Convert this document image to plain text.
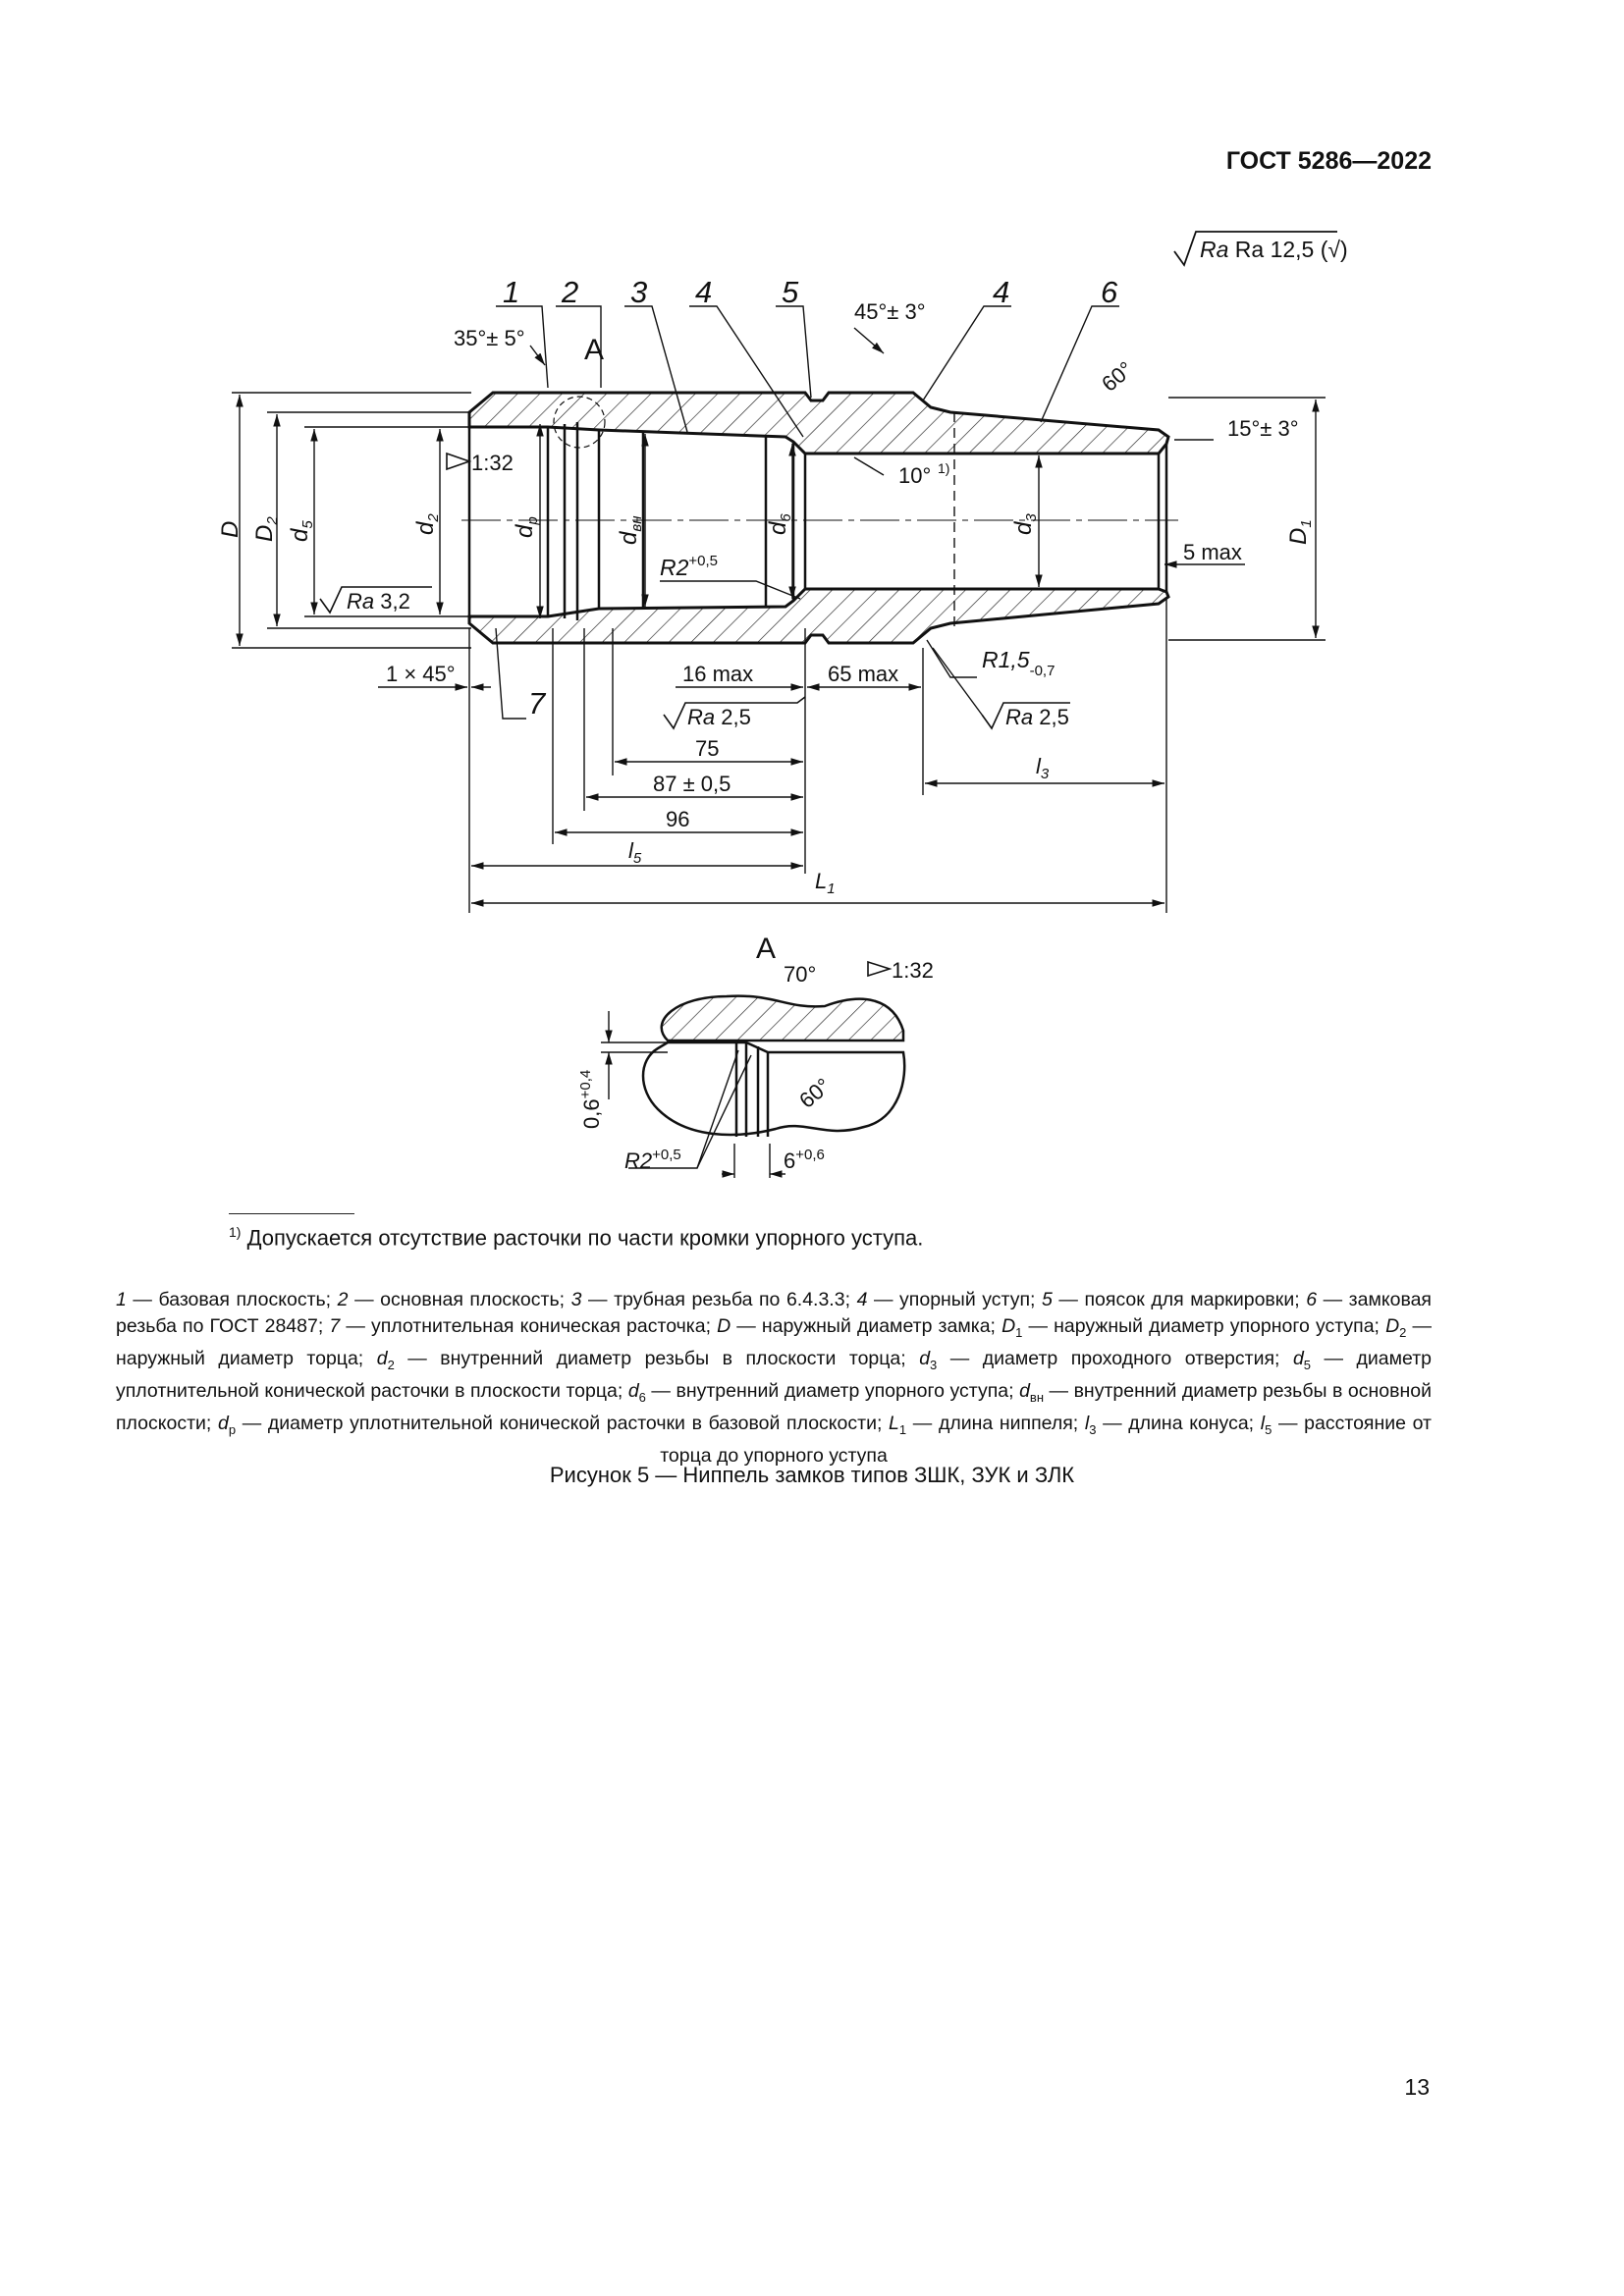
ГОСТ 5286—2022
Ra Ra 12,5 (√)
1 2 3 4 5	4	6
7
35°± 5°
45°± 3°
60°
15°± 3°
10° 1)
A
1:32
D $D_2$
$d_5$	$d_2$
$d_р$
$d_{вн}$	$d_6$
$d_3$
$D_1$
Ra 3,2
Ra 2,5	Ra 2,5
$R2^{+0,5}$
$R1,5_{-0,7}$
1 × 45°	16 max	65 max
5 max
75
87 ± 0,5
96
$l_5$
$L_1$
$l_3$
A
70°	1:32
60°
$0,6^{+0,4}$
$R2^{+0,5}$	$6^{+0,6}$
$^{1)}$ Допускается отсутствие расточки по части кромки упорного уступа.
1 — базовая плоскость; 2 — основная плоскость; 3 — трубная резьба по 6.4.3.3; 4 — упорный уступ; 5 — поясок для маркировки; 6 — замковая резьба по ГОСТ 28487; 7 — уплотнительная коническая расточка; D — наружный диаметр замка; $D_1$ — наружный диаметр упорного уступа; $D_2$ — наружный диаметр торца; $d_2$ — внутренний диаметр резьбы в плоскости торца; $d_3$ — диаметр проходного отверстия; $d_5$ — диаметр уплотнительной конической расточки в плоскости торца; $d_6$ — внутренний диаметр упорного уступа; $d_{вн}$ — внутренний диаметр резьбы в основной плоскости; $d_р$ — диаметр уплотнительной конической расточки в базовой плоскости; $L_1$ — длина ниппеля; $l_3$ — длина конуса; $l_5$ — расстояние от торца до упорного уступа
Рисунок 5 — Ниппель замков типов ЗШК, ЗУК и ЗЛК
13
